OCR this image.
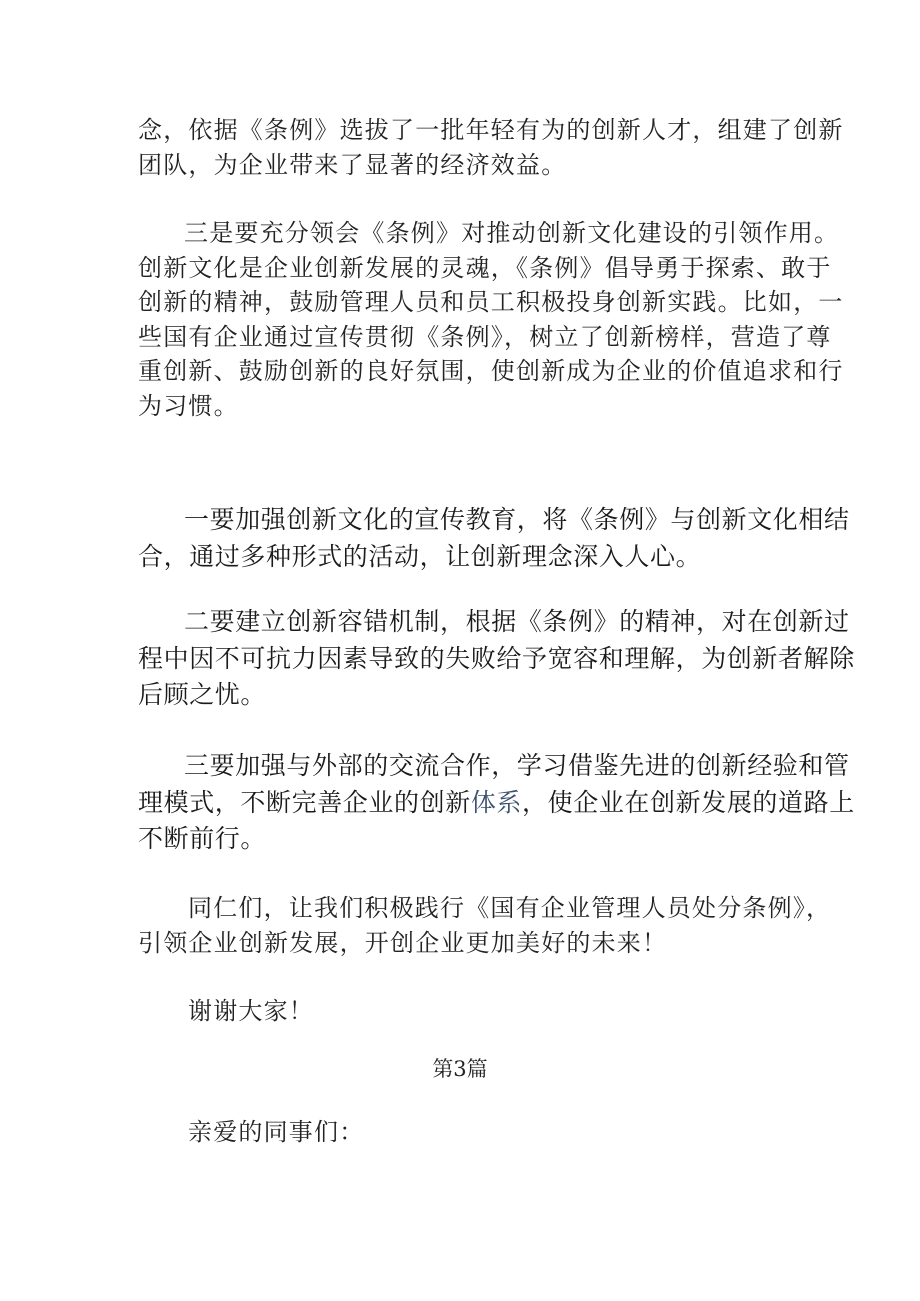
念，依据《条例》选拔了一批年轻有为的创新人才，组建了创新
团队，为企业带来了显著的经济效益。

三是要充分领会《条例》对推动创新文化建设的引领作用。
创新文化是企业创新发展的灵魂，《条例》倡导勇于探索、敢于
创新的精神，鼓励管理人员和员工积极投身创新实践。比如，一
些国有企业通过宣传贯彻《条例》，树立了创新榜样，营造了尊
重创新、鼓励创新的良好氛围，使创新成为企业的价值追求和行
为习惯。

一要加强创新文化的宣传教育，将《条例》与创新文化相结
合，通过多种形式的活动，让创新理念深入人心。

二要建立创新容错机制，根据《条例》的精神，对在创新过
程中因不可抗力因素导致的失败给予宽容和理解，为创新者解除
后顾之忧。

三要加强与外部的交流合作，学习借鉴先进的创新经验和管
理模式，不断完善企业的创新体系，使企业在创新发展的道路上
不断前行。

同仁们，让我们积极践行《国有企业管理人员处分条例》，
引领企业创新发展，开创企业更加美好的未来！

谢谢大家！

第3篇

亲爱的同事们：
